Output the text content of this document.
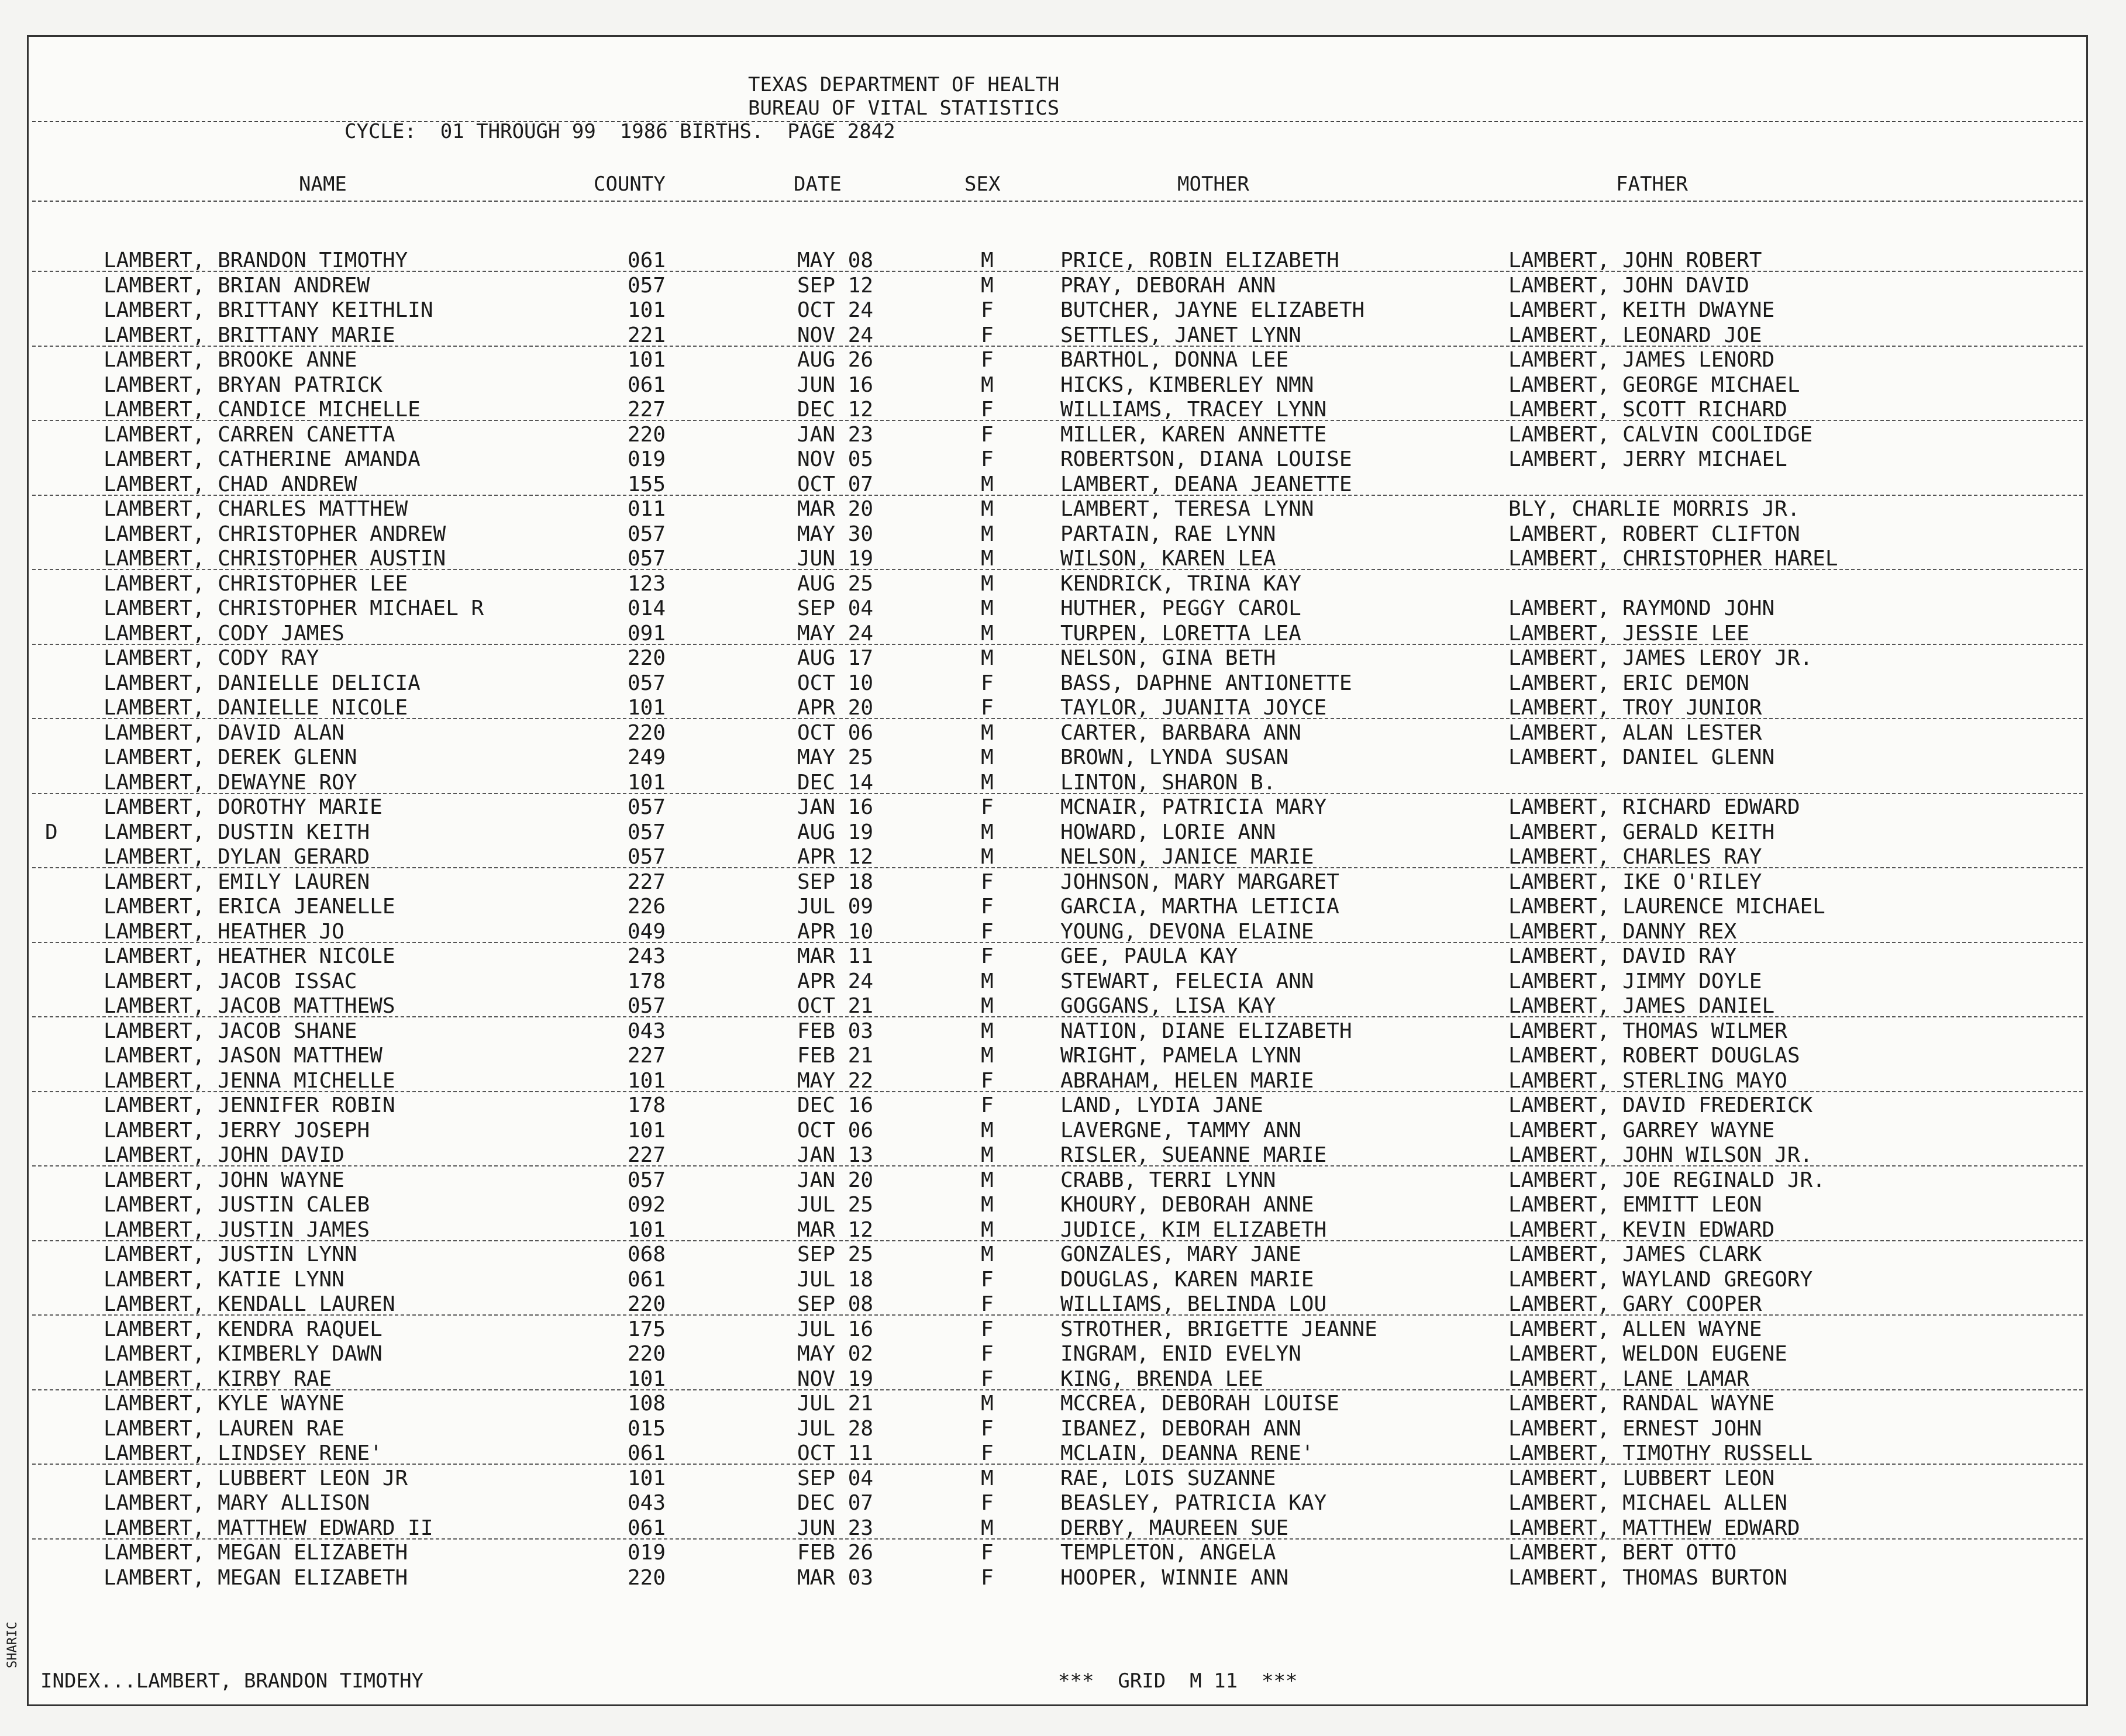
TEXAS DEPARTMENT OF HEALTH
BUREAU OF VITAL STATISTICS
CYCLE:  01 THROUGH 99  1986 BIRTHS.  PAGE 2842
NAME	COUNTY	DATE	SEX	MOTHER	FATHER
LAMBERT, BRANDON TIMOTHY	061	MAY 08	M	PRICE, ROBIN ELIZABETH	LAMBERT, JOHN ROBERT
LAMBERT, BRIAN ANDREW	057	SEP 12	M	PRAY, DEBORAH ANN	LAMBERT, JOHN DAVID
LAMBERT, BRITTANY KEITHLIN	101	OCT 24	F	BUTCHER, JAYNE ELIZABETH	LAMBERT, KEITH DWAYNE
LAMBERT, BRITTANY MARIE	221	NOV 24	F	SETTLES, JANET LYNN	LAMBERT, LEONARD JOE
LAMBERT, BROOKE ANNE	101	AUG 26	F	BARTHOL, DONNA LEE	LAMBERT, JAMES LENORD
LAMBERT, BRYAN PATRICK	061	JUN 16	M	HICKS, KIMBERLEY NMN	LAMBERT, GEORGE MICHAEL
LAMBERT, CANDICE MICHELLE	227	DEC 12	F	WILLIAMS, TRACEY LYNN	LAMBERT, SCOTT RICHARD
LAMBERT, CARREN CANETTA	220	JAN 23	F	MILLER, KAREN ANNETTE	LAMBERT, CALVIN COOLIDGE
LAMBERT, CATHERINE AMANDA	019	NOV 05	F	ROBERTSON, DIANA LOUISE	LAMBERT, JERRY MICHAEL
LAMBERT, CHAD ANDREW	155	OCT 07	M	LAMBERT, DEANA JEANETTE
LAMBERT, CHARLES MATTHEW	011	MAR 20	M	LAMBERT, TERESA LYNN	BLY, CHARLIE MORRIS JR.
LAMBERT, CHRISTOPHER ANDREW	057	MAY 30	M	PARTAIN, RAE LYNN	LAMBERT, ROBERT CLIFTON
LAMBERT, CHRISTOPHER AUSTIN	057	JUN 19	M	WILSON, KAREN LEA	LAMBERT, CHRISTOPHER HAREL
LAMBERT, CHRISTOPHER LEE	123	AUG 25	M	KENDRICK, TRINA KAY
LAMBERT, CHRISTOPHER MICHAEL R	014	SEP 04	M	HUTHER, PEGGY CAROL	LAMBERT, RAYMOND JOHN
LAMBERT, CODY JAMES	091	MAY 24	M	TURPEN, LORETTA LEA	LAMBERT, JESSIE LEE
LAMBERT, CODY RAY	220	AUG 17	M	NELSON, GINA BETH	LAMBERT, JAMES LEROY JR.
LAMBERT, DANIELLE DELICIA	057	OCT 10	F	BASS, DAPHNE ANTIONETTE	LAMBERT, ERIC DEMON
LAMBERT, DANIELLE NICOLE	101	APR 20	F	TAYLOR, JUANITA JOYCE	LAMBERT, TROY JUNIOR
LAMBERT, DAVID ALAN	220	OCT 06	M	CARTER, BARBARA ANN	LAMBERT, ALAN LESTER
LAMBERT, DEREK GLENN	249	MAY 25	M	BROWN, LYNDA SUSAN	LAMBERT, DANIEL GLENN
LAMBERT, DEWAYNE ROY	101	DEC 14	M	LINTON, SHARON B.
LAMBERT, DOROTHY MARIE	057	JAN 16	F	MCNAIR, PATRICIA MARY	LAMBERT, RICHARD EDWARD
D LAMBERT, DUSTIN KEITH	057	AUG 19	M	HOWARD, LORIE ANN	LAMBERT, GERALD KEITH
LAMBERT, DYLAN GERARD	057	APR 12	M	NELSON, JANICE MARIE	LAMBERT, CHARLES RAY
LAMBERT, EMILY LAUREN	227	SEP 18	F	JOHNSON, MARY MARGARET	LAMBERT, IKE O'RILEY
LAMBERT, ERICA JEANELLE	226	JUL 09	F	GARCIA, MARTHA LETICIA	LAMBERT, LAURENCE MICHAEL
LAMBERT, HEATHER JO	049	APR 10	F	YOUNG, DEVONA ELAINE	LAMBERT, DANNY REX
LAMBERT, HEATHER NICOLE	243	MAR 11	F	GEE, PAULA KAY	LAMBERT, DAVID RAY
LAMBERT, JACOB ISSAC	178	APR 24	M	STEWART, FELECIA ANN	LAMBERT, JIMMY DOYLE
LAMBERT, JACOB MATTHEWS	057	OCT 21	M	GOGGANS, LISA KAY	LAMBERT, JAMES DANIEL
LAMBERT, JACOB SHANE	043	FEB 03	M	NATION, DIANE ELIZABETH	LAMBERT, THOMAS WILMER
LAMBERT, JASON MATTHEW	227	FEB 21	M	WRIGHT, PAMELA LYNN	LAMBERT, ROBERT DOUGLAS
LAMBERT, JENNA MICHELLE	101	MAY 22	F	ABRAHAM, HELEN MARIE	LAMBERT, STERLING MAYO
LAMBERT, JENNIFER ROBIN	178	DEC 16	F	LAND, LYDIA JANE	LAMBERT, DAVID FREDERICK
LAMBERT, JERRY JOSEPH	101	OCT 06	M	LAVERGNE, TAMMY ANN	LAMBERT, GARREY WAYNE
LAMBERT, JOHN DAVID	227	JAN 13	M	RISLER, SUEANNE MARIE	LAMBERT, JOHN WILSON JR.
LAMBERT, JOHN WAYNE	057	JAN 20	M	CRABB, TERRI LYNN	LAMBERT, JOE REGINALD JR.
LAMBERT, JUSTIN CALEB	092	JUL 25	M	KHOURY, DEBORAH ANNE	LAMBERT, EMMITT LEON
LAMBERT, JUSTIN JAMES	101	MAR 12	M	JUDICE, KIM ELIZABETH	LAMBERT, KEVIN EDWARD
LAMBERT, JUSTIN LYNN	068	SEP 25	M	GONZALES, MARY JANE	LAMBERT, JAMES CLARK
LAMBERT, KATIE LYNN	061	JUL 18	F	DOUGLAS, KAREN MARIE	LAMBERT, WAYLAND GREGORY
LAMBERT, KENDALL LAUREN	220	SEP 08	F	WILLIAMS, BELINDA LOU	LAMBERT, GARY COOPER
LAMBERT, KENDRA RAQUEL	175	JUL 16	F	STROTHER, BRIGETTE JEANNE	LAMBERT, ALLEN WAYNE
LAMBERT, KIMBERLY DAWN	220	MAY 02	F	INGRAM, ENID EVELYN	LAMBERT, WELDON EUGENE
LAMBERT, KIRBY RAE	101	NOV 19	F	KING, BRENDA LEE	LAMBERT, LANE LAMAR
LAMBERT, KYLE WAYNE	108	JUL 21	M	MCCREA, DEBORAH LOUISE	LAMBERT, RANDAL WAYNE
LAMBERT, LAUREN RAE	015	JUL 28	F	IBANEZ, DEBORAH ANN	LAMBERT, ERNEST JOHN
LAMBERT, LINDSEY RENE'	061	OCT 11	F	MCLAIN, DEANNA RENE'	LAMBERT, TIMOTHY RUSSELL
LAMBERT, LUBBERT LEON JR	101	SEP 04	M	RAE, LOIS SUZANNE	LAMBERT, LUBBERT LEON
LAMBERT, MARY ALLISON	043	DEC 07	F	BEASLEY, PATRICIA KAY	LAMBERT, MICHAEL ALLEN
LAMBERT, MATTHEW EDWARD II	061	JUN 23	M	DERBY, MAUREEN SUE	LAMBERT, MATTHEW EDWARD
LAMBERT, MEGAN ELIZABETH	019	FEB 26	F	TEMPLETON, ANGELA	LAMBERT, BERT OTTO
LAMBERT, MEGAN ELIZABETH	220	MAR 03	F	HOOPER, WINNIE ANN	LAMBERT, THOMAS BURTON
INDEX...LAMBERT, BRANDON TIMOTHY	***  GRID  M 11  ***
SHARIC
